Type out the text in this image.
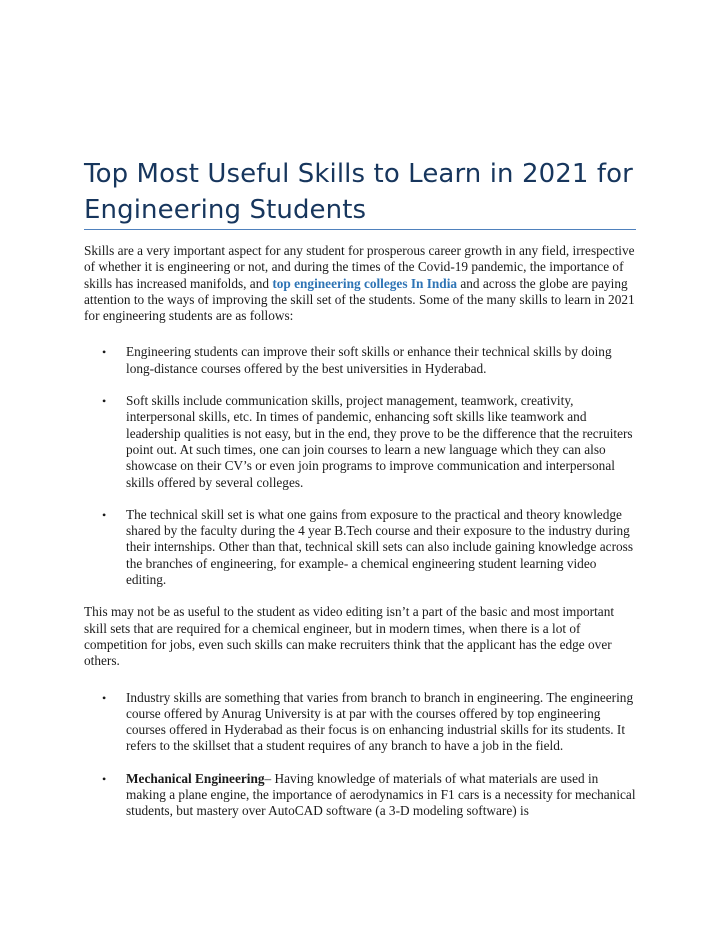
Top Most Useful Skills to Learn in 2021 for Engineering Students

Skills are a very important aspect for any student for prosperous career growth in any field, irrespective of whether it is engineering or not, and during the times of the Covid-19 pandemic, the importance of skills has increased manifolds, and top engineering colleges In India and across the globe are paying attention to the ways of improving the skill set of the students. Some of the many skills to learn in 2021 for engineering students are as follows:

• Engineering students can improve their soft skills or enhance their technical skills by doing long-distance courses offered by the best universities in Hyderabad.
• Soft skills include communication skills, project management, teamwork, creativity, interpersonal skills, etc. In times of pandemic, enhancing soft skills like teamwork and leadership qualities is not easy, but in the end, they prove to be the difference that the recruiters point out. At such times, one can join courses to learn a new language which they can also showcase on their CV’s or even join programs to improve communication and interpersonal skills offered by several colleges.
• The technical skill set is what one gains from exposure to the practical and theory knowledge shared by the faculty during the 4 year B.Tech course and their exposure to the industry during their internships. Other than that, technical skill sets can also include gaining knowledge across the branches of engineering, for example- a chemical engineering student learning video editing.

This may not be as useful to the student as video editing isn’t a part of the basic and most important skill sets that are required for a chemical engineer, but in modern times, when there is a lot of competition for jobs, even such skills can make recruiters think that the applicant has the edge over others.

• Industry skills are something that varies from branch to branch in engineering. The engineering course offered by Anurag University is at par with the courses offered by top engineering courses offered in Hyderabad as their focus is on enhancing industrial skills for its students. It refers to the skillset that a student requires of any branch to have a job in the field.
• Mechanical Engineering– Having knowledge of materials of what materials are used in making a plane engine, the importance of aerodynamics in F1 cars is a necessity for mechanical students, but mastery over AutoCAD software (a 3-D modeling software) is
